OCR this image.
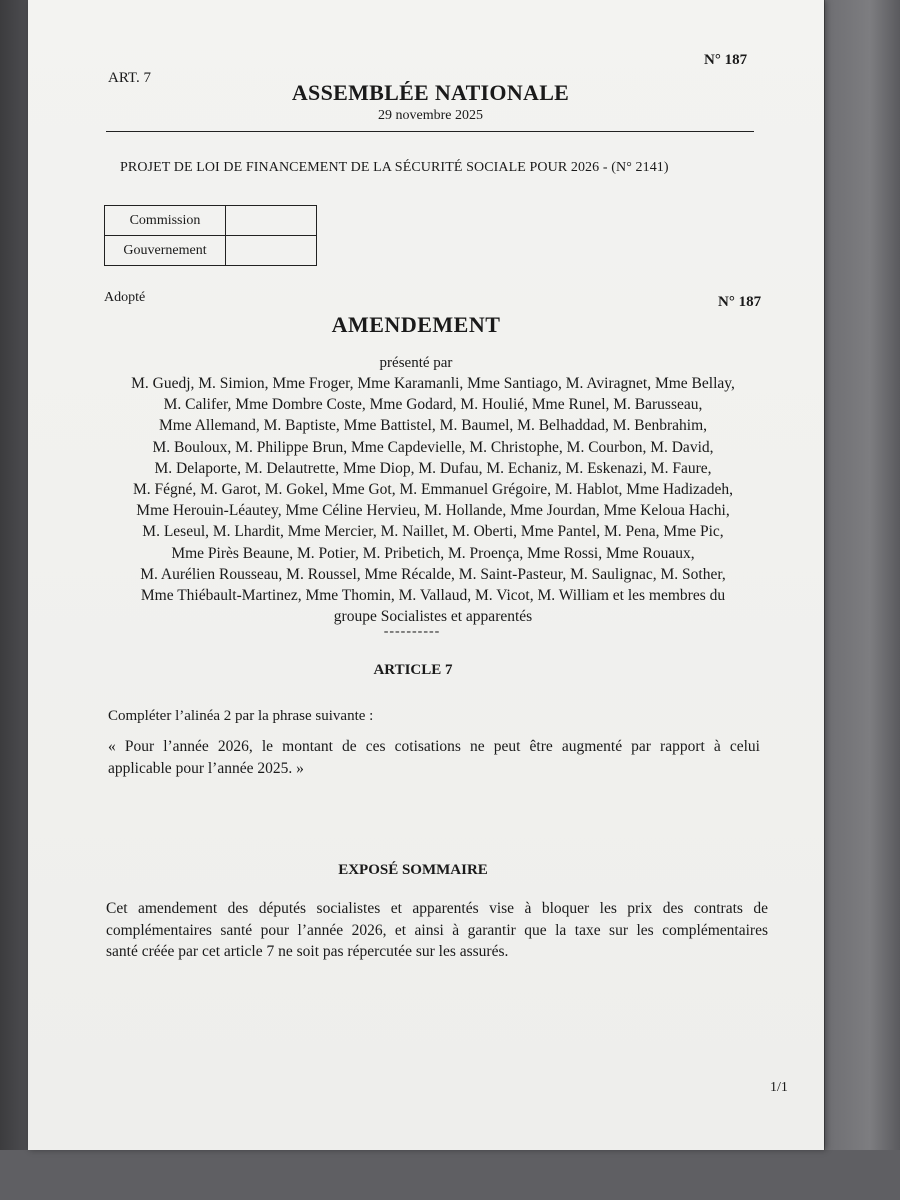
ART. 7
N° 187
ASSEMBLÉE NATIONALE
29 novembre 2025
PROJET DE LOI DE FINANCEMENT DE LA SÉCURITÉ SOCIALE POUR 2026 - (N° 2141)
Commission	
Gouvernement	
Adopté	N° 187
AMENDEMENT
présenté par
M. Guedj, M. Simion, Mme Froger, Mme Karamanli, Mme Santiago, M. Aviragnet, Mme Bellay,
M. Califer, Mme Dombre Coste, Mme Godard, M. Houlié, Mme Runel, M. Barusseau,
Mme Allemand, M. Baptiste, Mme Battistel, M. Baumel, M. Belhaddad, M. Benbrahim,
M. Bouloux, M. Philippe Brun, Mme Capdevielle, M. Christophe, M. Courbon, M. David,
M. Delaporte, M. Delautrette, Mme Diop, M. Dufau, M. Echaniz, M. Eskenazi, M. Faure,
M. Fégné, M. Garot, M. Gokel, Mme Got, M. Emmanuel Grégoire, M. Hablot, Mme Hadizadeh,
Mme Herouin-Léautey, Mme Céline Hervieu, M. Hollande, Mme Jourdan, Mme Keloua Hachi,
M. Leseul, M. Lhardit, Mme Mercier, M. Naillet, M. Oberti, Mme Pantel, M. Pena, Mme Pic,
Mme Pirès Beaune, M. Potier, M. Pribetich, M. Proença, Mme Rossi, Mme Rouaux,
M. Aurélien Rousseau, M. Roussel, Mme Récalde, M. Saint-Pasteur, M. Saulignac, M. Sother,
Mme Thiébault-Martinez, Mme Thomin, M. Vallaud, M. Vicot, M. William et les membres du
groupe Socialistes et apparentés
----------
ARTICLE 7
Compléter l’alinéa 2 par la phrase suivante :
« Pour l’année 2026, le montant de ces cotisations ne peut être augmenté par rapport à celui
applicable pour l’année 2025. »
EXPOSÉ SOMMAIRE
Cet amendement des députés socialistes et apparentés vise à bloquer les prix des contrats de
complémentaires santé pour l’année 2026, et ainsi à garantir que la taxe sur les complémentaires
santé créée par cet article 7 ne soit pas répercutée sur les assurés.
1/1
